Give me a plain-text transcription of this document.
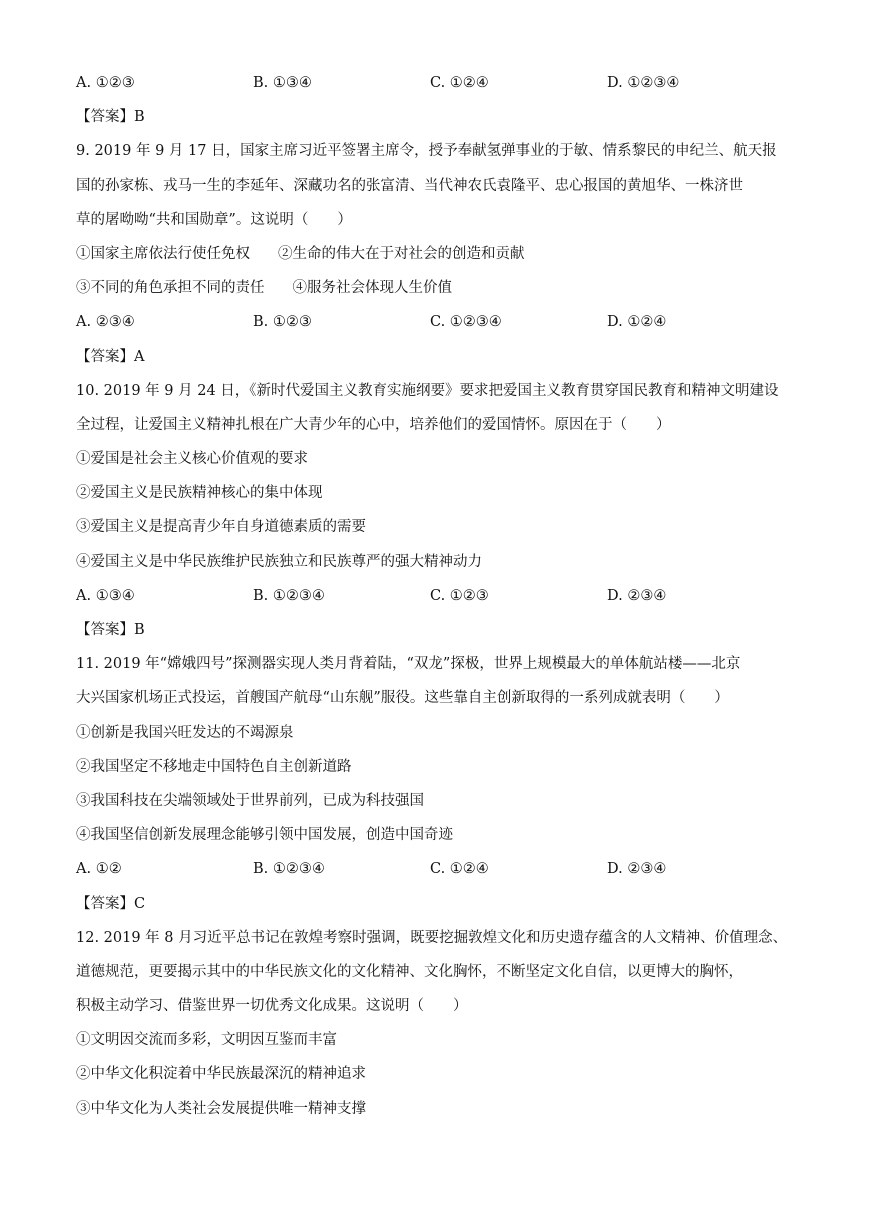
A. ①②③	B. ①③④	C. ①②④	D. ①②③④
【答案】B
9. 2019 年 9 月 17 日，国家主席习近平签署主席令，授予奉献氢弹事业的于敏、情系黎民的申纪兰、航天报
国的孙家栋、戎马一生的李延年、深藏功名的张富清、当代神农氏袁隆平、忠心报国的黄旭华、一株济世
草的屠呦呦“共和国勋章”。这说明（　　）
①国家主席依法行使任免权 ②生命的伟大在于对社会的创造和贡献
③不同的角色承担不同的责任 ④服务社会体现人生价值
A. ②③④	B. ①②③	C. ①②③④	D. ①②④
【答案】A
10. 2019 年 9 月 24 日，《新时代爱国主义教育实施纲要》要求把爱国主义教育贯穿国民教育和精神文明建设
全过程，让爱国主义精神扎根在广大青少年的心中，培养他们的爱国情怀。原因在于（　　）
①爱国是社会主义核心价值观的要求
②爱国主义是民族精神核心的集中体现
③爱国主义是提高青少年自身道德素质的需要
④爱国主义是中华民族维护民族独立和民族尊严的强大精神动力
A. ①③④	B. ①②③④	C. ①②③	D. ②③④
【答案】B
11. 2019 年“嫦娥四号”探测器实现人类月背着陆，“双龙”探极，世界上规模最大的单体航站楼——北京
大兴国家机场正式投运，首艘国产航母“山东舰”服役。这些靠自主创新取得的一系列成就表明（　　）
①创新是我国兴旺发达的不竭源泉
②我国坚定不移地走中国特色自主创新道路
③我国科技在尖端领域处于世界前列，已成为科技强国
④我国坚信创新发展理念能够引领中国发展，创造中国奇迹
A. ①②	B. ①②③④	C. ①②④	D. ②③④
【答案】C
12. 2019 年 8 月习近平总书记在敦煌考察时强调，既要挖掘敦煌文化和历史遗存蕴含的人文精神、价值理念、
道德规范，更要揭示其中的中华民族文化的文化精神、文化胸怀，不断坚定文化自信，以更博大的胸怀，
积极主动学习、借鉴世界一切优秀文化成果。这说明（　　）
①文明因交流而多彩，文明因互鉴而丰富
②中华文化积淀着中华民族最深沉的精神追求
③中华文化为人类社会发展提供唯一精神支撑
